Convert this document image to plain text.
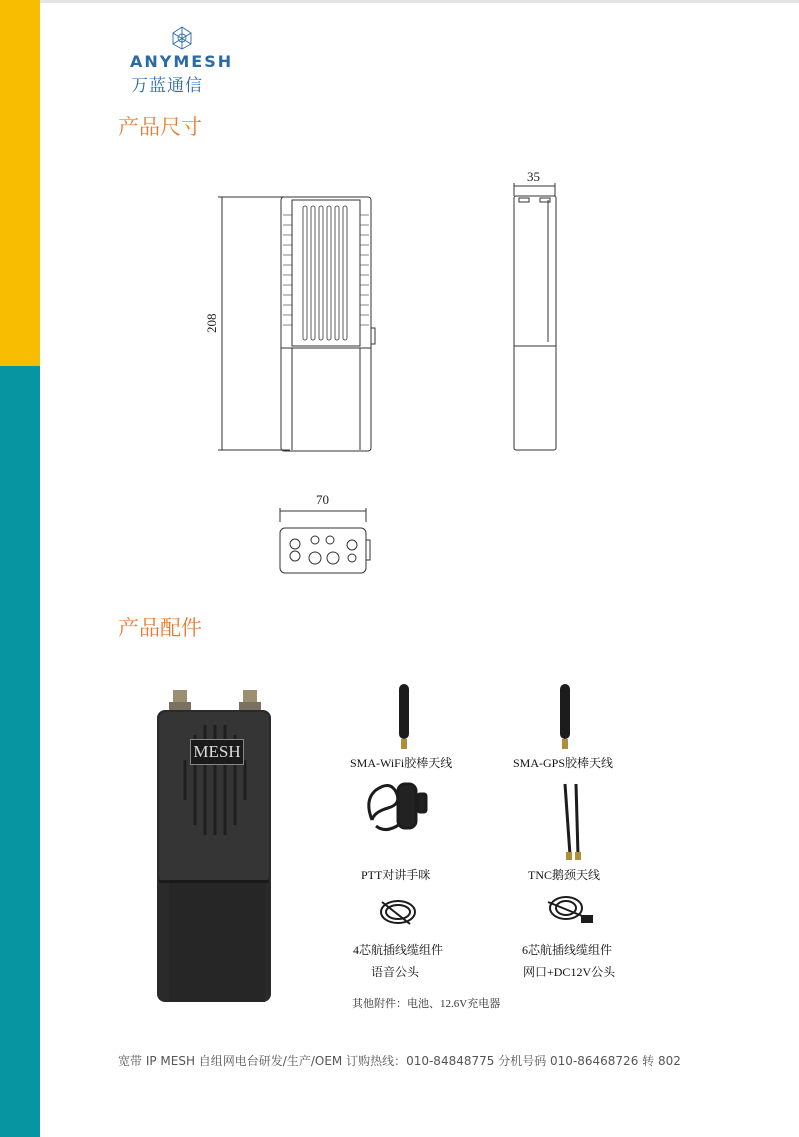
ANYMESH
万蓝通信
产品尺寸
产品配件
35
208
70
MESH
SMA-WiFi胶棒天线	SMA-GPS胶棒天线
PTT对讲手咪	TNC鹅颈天线
4芯航插线缆组件
语音公头
6芯航插线缆组件
网口+DC12V公头
其他附件：电池、12.6V充电器
宽带 IP MESH 自组网电台研发/生产/OEM 订购热线：010-84848775 分机号码 010-86468726 转 802
